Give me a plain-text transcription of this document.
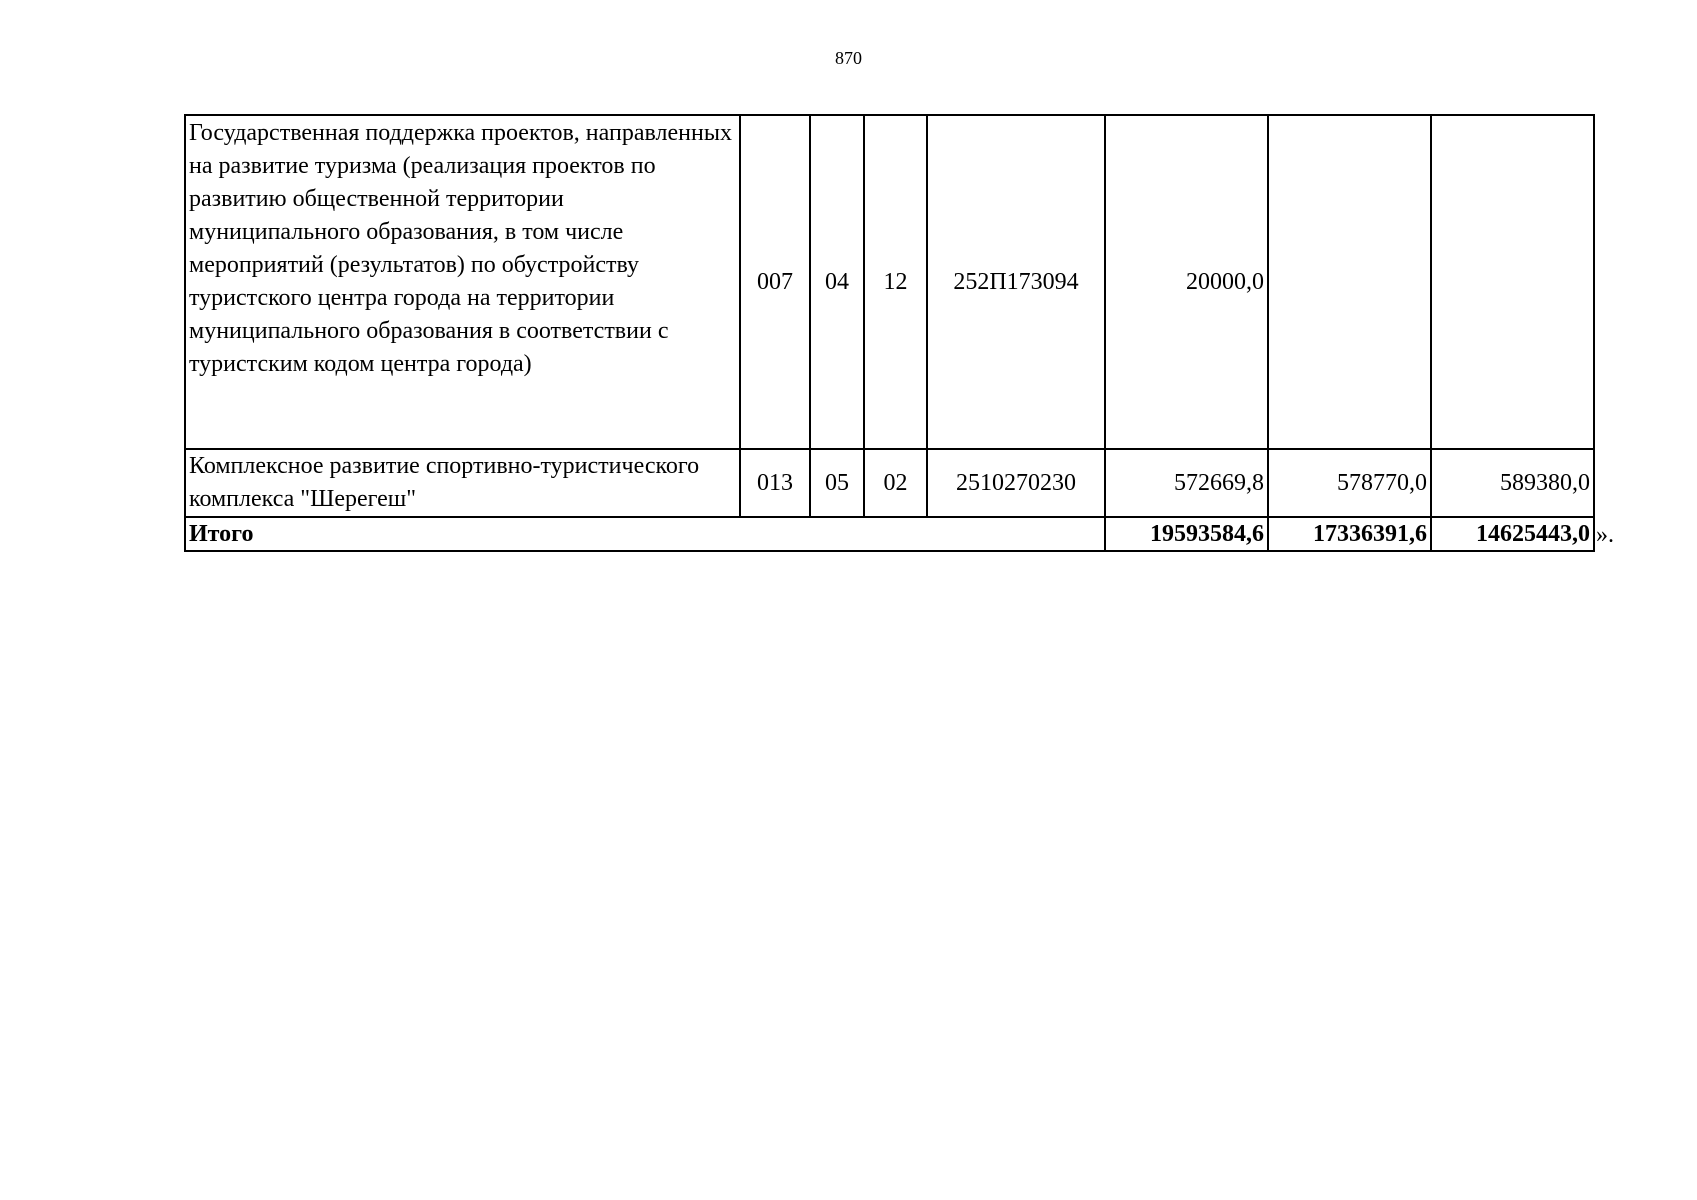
870
Государственная поддержка проектов, направленных на развитие туризма (реализация проектов по развитию общественной территории муниципального образования, в том числе мероприятий (результатов) по обустройству туристского центра города на территории муниципального образования в соответствии с туристским кодом центра города)	007	04	12	252П173094	20000,0		
Комплексное развитие спортивно-туристического комплекса "Шерегеш"	013	05	02	2510270230	572669,8	578770,0	589380,0
Итого					19593584,6	17336391,6	14625443,0 ».
